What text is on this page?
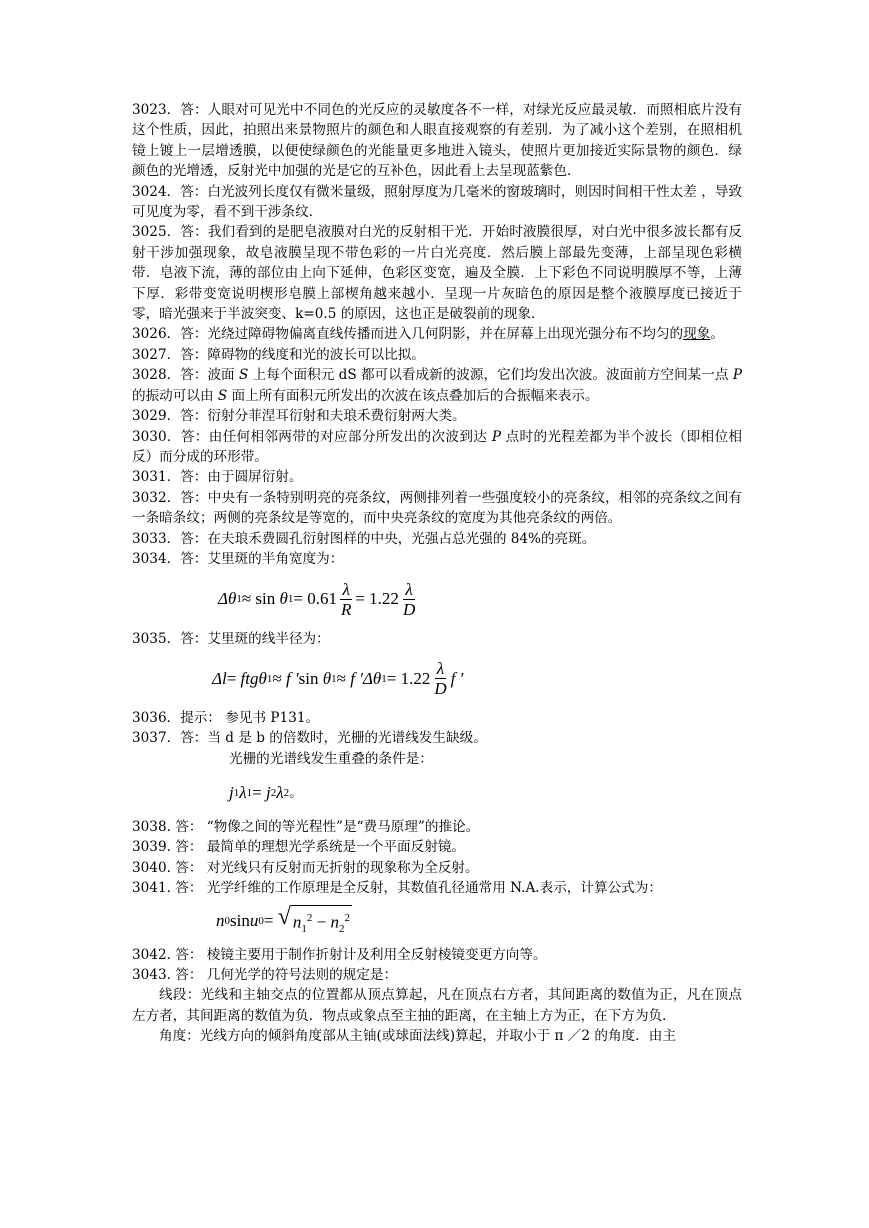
3023．答：人眼对可见光中不同色的光反应的灵敏度各不一样，对绿光反应最灵敏．而照相底片没有这个性质，因此，拍照出来景物照片的颜色和人眼直接观察的有差别．为了减小这个差别，在照相机镜上镀上一层增透膜，以便使绿颜色的光能量更多地进入镜头，使照片更加接近实际景物的颜色．绿颜色的光增透，反射光中加强的光是它的互补色，因此看上去呈现蓝紫色．

3024．答：白光波列长度仅有微米量级，照射厚度为几毫米的窗玻璃时，则因时间相干性太差 ，导致可见度为零，看不到干涉条纹．

3025．答：我们看到的是肥皂液膜对白光的反射相干光．开始时液膜很厚，对白光中很多波长都有反射干涉加强现象，故皂液膜呈现不带色彩的一片白光亮度．然后膜上部最先变薄，上部呈现色彩横带．皂液下流，薄的部位由上向下延伸，色彩区变宽，遍及全膜．上下彩色不同说明膜厚不等，上薄下厚．彩带变宽说明楔形皂膜上部楔角越来越小．呈现一片灰暗色的原因是整个液膜厚度已接近于零，暗光强来于半波突变、k=0.5 的原因，这也正是破裂前的现象．

3026．答：光绕过障碍物偏离直线传播而进入几何阴影，并在屏幕上出现光强分布不均匀的现象。

3027．答：障碍物的线度和光的波长可以比拟。

3028．答：波面 S 上每个面积元 dS 都可以看成新的波源，它们均发出次波。波面前方空间某一点 P 的振动可以由 S 面上所有面积元所发出的次波在该点叠加后的合振幅来表示。

3029．答：衍射分菲涅耳衍射和夫琅禾费衍射两大类。

3030．答：由任何相邻两带的对应部分所发出的次波到达 P 点时的光程差都为半个波长（即相位相反）而分成的环形带。

3031．答：由于圆屏衍射。

3032．答：中央有一条特别明亮的亮条纹，两侧排列着一些强度较小的亮条纹，相邻的亮条纹之间有一条暗条纹；两侧的亮条纹是等宽的，而中央亮条纹的宽度为其他亮条纹的两倍。

3033．答：在夫琅禾费圆孔衍射图样的中央，光强占总光强的 84%的亮斑。

3034．答：艾里斑的半角宽度为：

Δθ 1 ≈ sin
θ $1 = 0.61 \frac{\lambda}{R} = 1.22 \frac{\lambda}{D}$

3035．答：艾里斑的线半径为：

Δl =
f tg θ 1 ≈
f ′ sin
θ 1 ≈
f ′ Δθ $1 = 1.22 \frac{\lambda}{D}$ f ′

3036．提示： 参见书 P131。

3037．答：当 d 是 b 的倍数时，光栅的光谱线发生缺级。

光栅的光谱线发生重叠的条件是：

j 1 λ 1 =
j 2 λ 2 。

3038. 答： “物像之间的等光程性”是“费马原理”的推论。

3039. 答： 最简单的理想光学系统是一个平面反射镜。

3040. 答： 对光线只有反射而无折射的现象称为全反射。

3041. 答： 光学纤维的工作原理是全反射，其数值孔径通常用 N.A.表示，计算公式为：

n 0 sin u 0 =
√ $n_1^2 - n_2^2$

3042. 答： 棱镜主要用于制作折射计及利用全反射棱镜变更方向等。

3043. 答： 几何光学的符号法则的规定是：

线段：光线和主轴交点的位置都从顶点算起，凡在顶点右方者，其间距离的数值为正，凡在顶点左方者，其间距离的数值为负．物点或象点至主抽的距离，在主轴上方为正，在下方为负．

角度：光线方向的倾斜角度部从主铀(或球面法线)算起，并取小于 π ／2 的角度．由主
